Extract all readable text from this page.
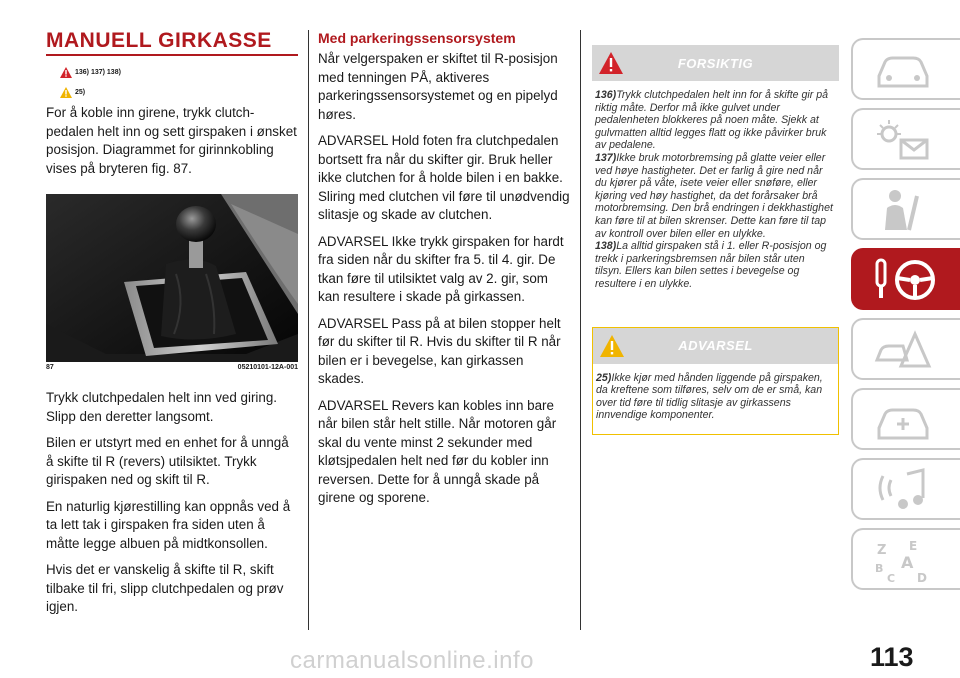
MANUELL GIRKASSE
136) 137) 138)
25)

For å koble inn girene, trykk clutch-pedalen helt inn og sett girspaken i ønsket posisjon. Diagrammet for girinnkobling vises på bryteren fig. 87.

87	05210101-12A-001

Trykk clutchpedalen helt inn ved giring. Slipp den deretter langsomt.

Bilen er utstyrt med en enhet for å unngå å skifte til R (revers) utilsiktet. Trykk girispaken ned og skift til R.

En naturlig kjørestilling kan oppnås ved å ta lett tak i girspaken fra siden uten å måtte legge albuen på midtkonsollen.

Hvis det er vanskelig å skifte til R, skift tilbake til fri, slipp clutchpedalen og prøv igjen.

Med parkeringssensorsystem

Når velgerspaken er skiftet til R-posisjon med tenningen PÅ, aktiveres parkeringssensorsystemet og en pipelyd høres.

ADVARSEL Hold foten fra clutchpedalen bortsett fra når du skifter gir. Bruk heller ikke clutchen for å holde bilen i en bakke. Sliring med clutchen vil føre til unødvendig slitasje og skade av clutchen.

ADVARSEL Ikke trykk girspaken for hardt fra siden når du skifter fra 5. til 4. gir. De tkan føre til utilsiktet valg av 2. gir, som kan resultere i skade på girkassen.

ADVARSEL Pass på at bilen stopper helt før du skifter til R. Hvis du skifter til R når bilen er i bevegelse, kan girkassen skades.

ADVARSEL Revers kan kobles inn bare når bilen står helt stille. Når motoren går skal du vente minst 2 sekunder med kløtsjpedalen helt ned før du kobler inn reversen. Dette for å unngå skade på girene og sporene.

FORSIKTIG
136)Trykk clutchpedalen helt inn for å skifte gir på riktig måte. Derfor må ikke gulvet under pedalenheten blokkeres på noen måte. Sjekk at gulvmatten alltid legges flatt og ikke påvirker bruk av pedalene.
137)Ikke bruk motorbremsing på glatte veier eller ved høye hastigheter. Det er farlig å gire ned når du kjører på våte, isete veier eller snøføre, eller kjøring ved høy hastighet, da det forårsaker brå motorbremsing. Den brå endringen i dekkhastighet kan føre til at bilen skrenser. Dette kan føre til tap av kontroll over bilen eller en ulykke.
138)La alltid girspaken stå i 1. eller R-posisjon og trekk i parkeringsbremsen når bilen står uten tilsyn. Ellers kan bilen settes i bevegelse og resultere i en ulykke.
ADVARSEL
25)Ikke kjør med hånden liggende på girspaken, da kreftene som tilføres, selv om de er små, kan over tid føre til tidlig slitasje av girkassens innvendige komponenter.
Z E
A
B
C D
113
carmanualsonline.info
